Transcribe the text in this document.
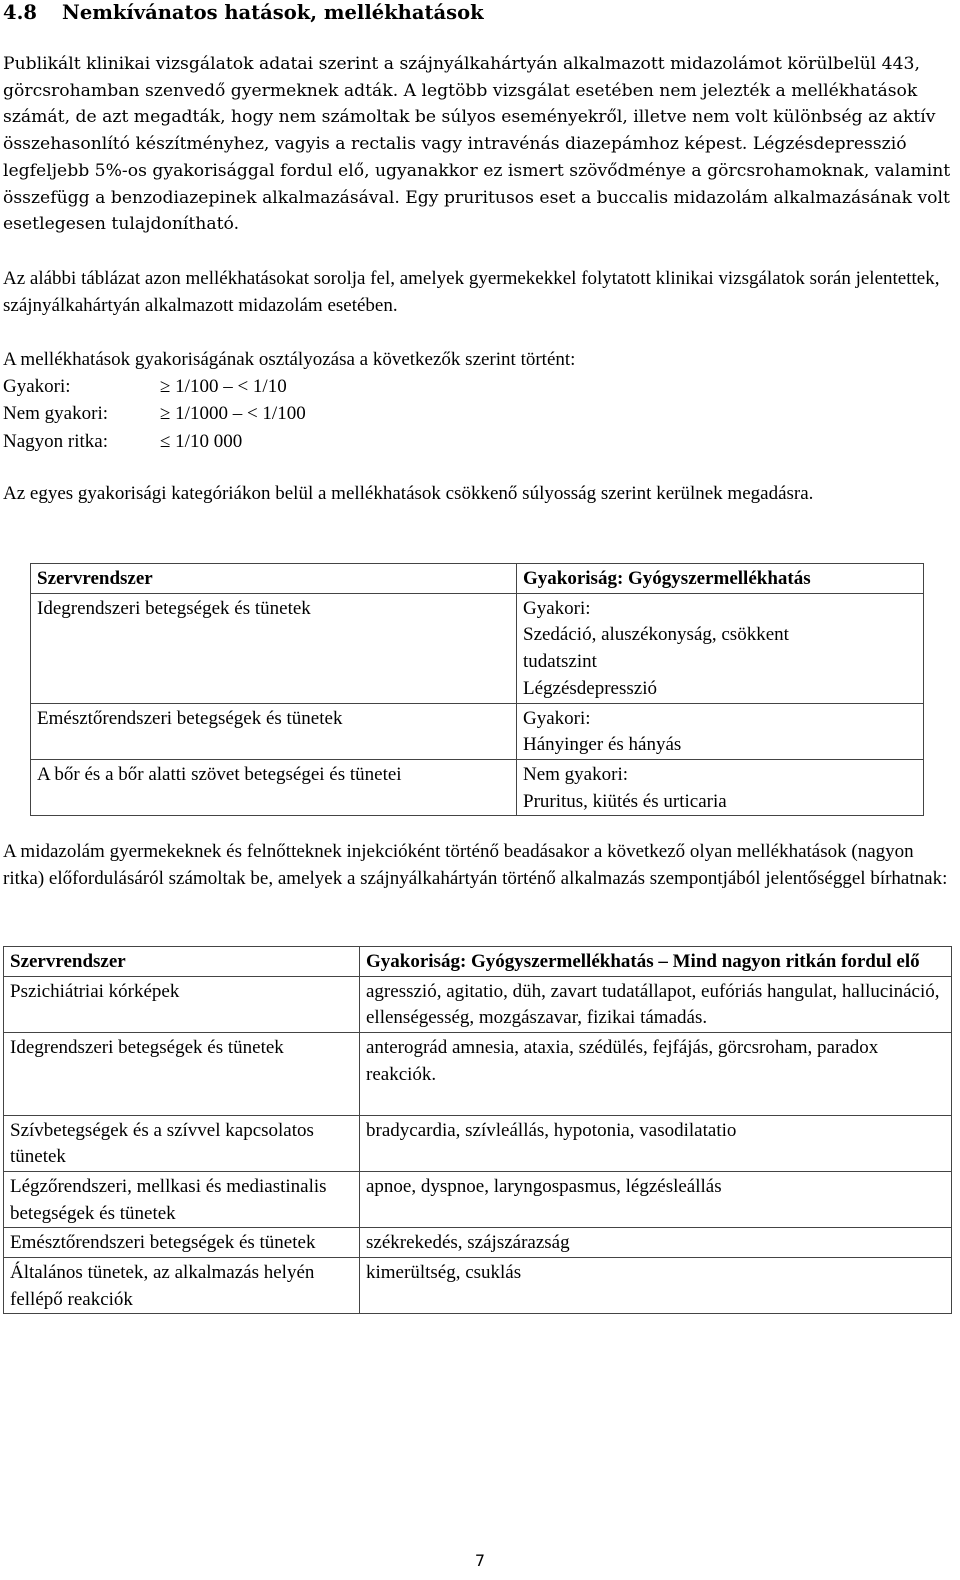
4.8 Nemkívánatos hatások, mellékhatások
Publikált klinikai vizsgálatok adatai szerint a szájnyálkahártyán alkalmazott midazolámot körülbelül 443, görcsrohamban szenvedő gyermeknek adták. A legtöbb vizsgálat esetében nem jelezték a mellékhatások számát, de azt megadták, hogy nem számoltak be súlyos eseményekről, illetve nem volt különbség az aktív összehasonlító készítményhez, vagyis a rectalis vagy intravénás diazepámhoz képest. Légzésdepresszió legfeljebb 5%-os gyakorisággal fordul elő, ugyanakkor ez ismert szövődménye a görcsrohamoknak, valamint összefügg a benzodiazepinek alkalmazásával. Egy pruritusos eset a buccalis midazolám alkalmazásának volt esetlegesen tulajdonítható.
Az alábbi táblázat azon mellékhatásokat sorolja fel, amelyek gyermekekkel folytatott klinikai vizsgálatok során jelentettek, szájnyálkahártyán alkalmazott midazolám esetében.
A mellékhatások gyakoriságának osztályozása a következők szerint történt:
Gyakori:	≥ 1/100 – < 1/10
Nem gyakori:	≥ 1/1000 – < 1/100
Nagyon ritka:	≤ 1/10 000
Az egyes gyakorisági kategóriákon belül a mellékhatások csökkenő súlyosság szerint kerülnek megadásra.
Szervrendszer	Gyakoriság: Gyógyszermellékhatás
Idegrendszeri betegségek és tünetek	Gyakori:
Szedáció, aluszékonyság, csökkent
tudatszint
Légzésdepresszió

Emésztőrendszeri betegségek és tünetek	Gyakori:
Hányinger és hányás

A bőr és a bőr alatti szövet betegségei és tünetei	Nem gyakori:
Pruritus, kiütés és urticaria
A midazolám gyermekeknek és felnőtteknek injekcióként történő beadásakor a következő olyan mellékhatások (nagyon ritka) előfordulásáról számoltak be, amelyek a szájnyálkahártyán történő alkalmazás szempontjából jelentőséggel bírhatnak:
Szervrendszer	Gyakoriság: Gyógyszermellékhatás – Mind nagyon ritkán fordul elő
Pszichiátriai kórképek	agresszió, agitatio, düh, zavart tudatállapot, eufóriás hangulat, hallucináció, ellenségesség, mozgászavar, fizikai támadás.
Idegrendszeri betegségek és tünetek	anterográd amnesia, ataxia, szédülés, fejfájás, görcsroham, paradox reakciók.

Szívbetegségek és a szívvel kapcsolatos tünetek	bradycardia, szívleállás, hypotonia, vasodilatatio
Légzőrendszeri, mellkasi és mediastinalis betegségek és tünetek	apnoe, dyspnoe, laryngospasmus, légzésleállás
Emésztőrendszeri betegségek és tünetek	székrekedés, szájszárazság
Általános tünetek, az alkalmazás helyén fellépő reakciók	kimerültség, csuklás
7
